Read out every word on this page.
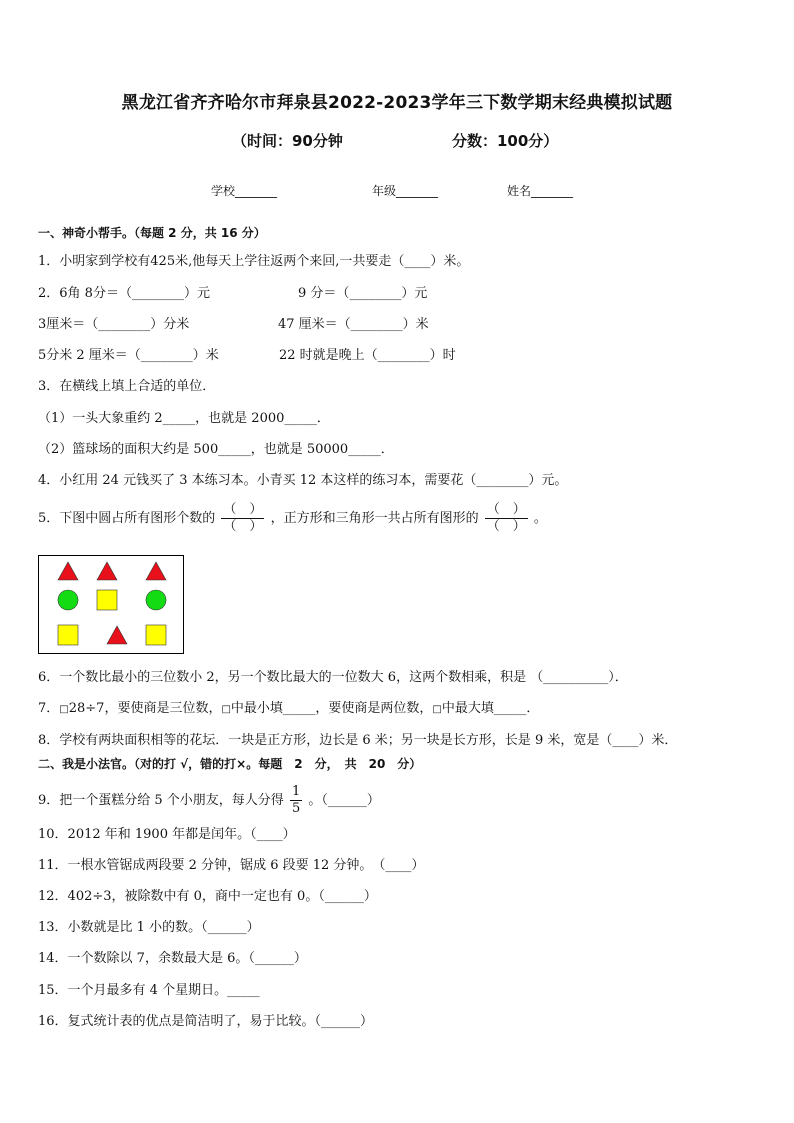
黑龙江省齐齐哈尔市拜泉县2022-2023学年三下数学期末经典模拟试题
（时间：90分钟	分数：100分）
学校_______	年级_______	姓名_______
一、神奇小帮手。（每题 2 分，共 16 分）
1．小明家到学校有425米,他每天上学往返两个来回,一共要走（____）米。
2．6角 8分＝（________）元	9 分＝（________）元
3厘米＝（________）分米	47 厘米＝（________）米
5分米 2 厘米＝（________）米	22 时就是晚上（________）时
3．在横线上填上合适的单位．
（1）一头大象重约 2_____，也就是 2000_____．
（2）篮球场的面积大约是 500_____，也就是 50000_____．
4．小红用 24 元钱买了 3 本练习本。小青买 12 本这样的练习本，需要花（________）元。
5．下图中圆占所有图形个数的 $\frac{( )}{( )}$ ，正方形和三角形一共占所有图形的 $\frac{( )}{( )}$ 。
6．一个数比最小的三位数小 2，另一个数比最大的一位数大 6，这两个数相乘，积是 （__________）．
7．□28÷7，要使商是三位数，□中最小填_____，要使商是两位数，□中最大填_____．
8．学校有两块面积相等的花坛．一块是正方形，边长是 6 米；另一块是长方形，长是 9 米，宽是（____）米．
二、我是小法官。（对的打 √，错的打×。每题　2　分，　共　20　分）
9．把一个蛋糕分给 5 个小朋友，每人分得 $\frac{1}{5}$ 。（______）
10．2012 年和 1900 年都是闰年。（____）
11．一根水管锯成两段要 2 分钟，锯成 6 段要 12 分钟。　（____）
12．402÷3，被除数中有 0，商中一定也有 0。（______）
13．小数就是比 1 小的数。（______）
14．一个数除以 7，余数最大是 6。（______）
15．一个月最多有 4 个星期日。_____
16．复式统计表的优点是简洁明了，易于比较。（______）
